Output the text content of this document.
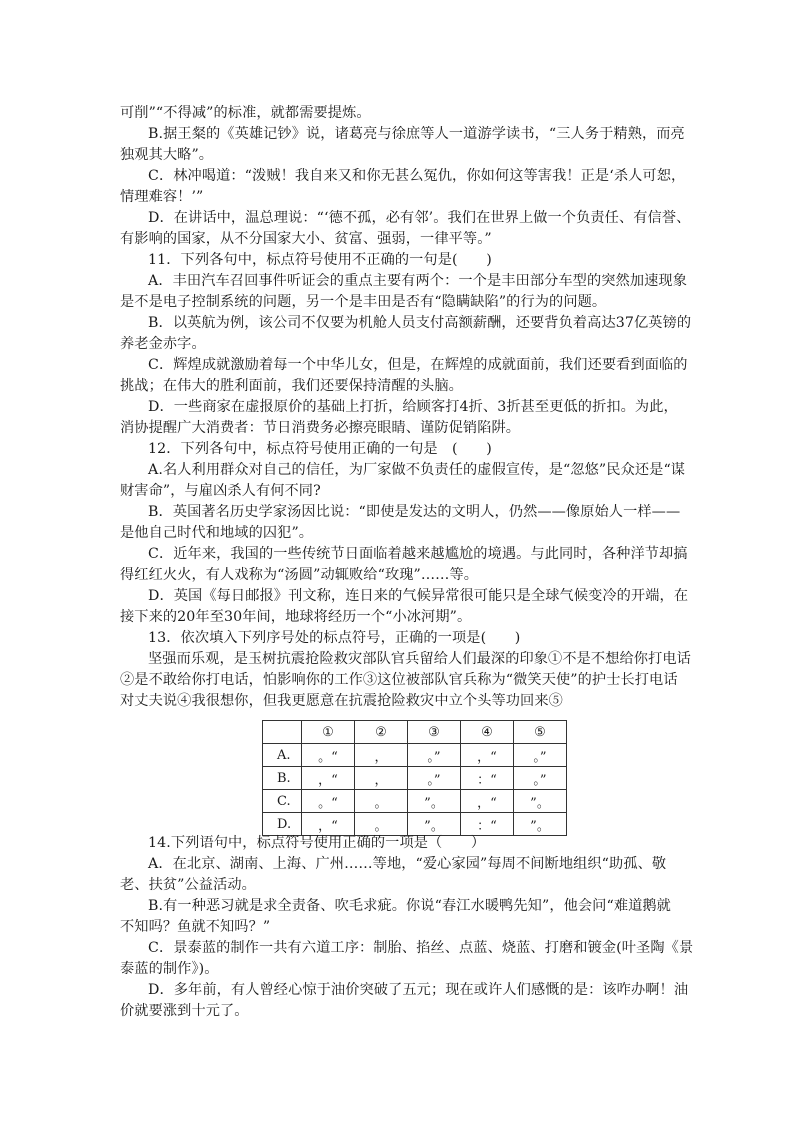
可削”“不得减”的标准，就都需要提炼。
B.据王粲的《英雄记钞》说，诸葛亮与徐庶等人一道游学读书，“三人务于精熟，而亮
独观其大略”。
C．林冲喝道：“泼贼！我自来又和你无甚么冤仇，你如何这等害我！正是‘杀人可恕，
情理难容！’”
D．在讲话中，温总理说：“‘德不孤，必有邻’。我们在世界上做一个负责任、有信誉、
有影响的国家，从不分国家大小、贫富、强弱，一律平等。”
11．下列各句中，标点符号使用不正确的一句是(　　)
A．丰田汽车召回事件听证会的重点主要有两个：一个是丰田部分车型的突然加速现象
是不是电子控制系统的问题，另一个是丰田是否有“隐瞒缺陷”的行为的问题。
B．以英航为例，该公司不仅要为机舱人员支付高额薪酬，还要背负着高达37亿英镑的
养老金赤字。
C．辉煌成就激励着每一个中华儿女，但是，在辉煌的成就面前，我们还要看到面临的
挑战；在伟大的胜利面前，我们还要保持清醒的头脑。
D．一些商家在虚报原价的基础上打折，给顾客打4折、3折甚至更低的折扣。为此，
消协提醒广大消费者：节日消费务必擦亮眼睛、谨防促销陷阱。
12．下列各句中，标点符号使用正确的一句是　(　　)
A.名人利用群众对自己的信任，为厂家做不负责任的虚假宣传，是“忽悠”民众还是“谋
财害命”，与雇凶杀人有何不同?
B．英国著名历史学家汤因比说：“即使是发达的文明人，仍然——像原始人一样——
是他自己时代和地域的囚犯”。
C．近年来，我国的一些传统节日面临着越来越尴尬的境遇。与此同时，各种洋节却搞
得红红火火，有人戏称为“汤圆”动辄败给“玫瑰”……等。
D．英国《每日邮报》刊文称，连日来的气候异常很可能只是全球气候变冷的开端，在
接下来的20年至30年间，地球将经历一个“小冰河期”。
13．依次填入下列序号处的标点符号，正确的一项是(　　)
坚强而乐观，是玉树抗震抢险救灾部队官兵留给人们最深的印象①不是不想给你打电话
②是不敢给你打电话，怕影响你的工作③这位被部队官兵称为“微笑天使”的护士长打电话
对丈夫说④我很想你，但我更愿意在抗震抢险救灾中立个头等功回来⑤
	①	②	③	④	⑤
A.	。“	，	。”	，“	。”
B.	，“	，	。”	：“	。”
C.	。“	。	”。	，“	”。
D.	，“	。	”。	：“	”。
14.下列语句中，标点符号使用正确的一项是（　　）
A．在北京、湖南、上海、广州……等地，“爱心家园”每周不间断地组织“助孤、敬
老、扶贫”公益活动。
B.有一种恶习就是求全责备、吹毛求疵。你说“春江水暖鸭先知”，他会问“难道鹅就
不知吗？鱼就不知吗？”
C．景泰蓝的制作一共有六道工序：制胎、掐丝、点蓝、烧蓝、打磨和镀金(叶圣陶《景
泰蓝的制作》)。
D．多年前，有人曾经心惊于油价突破了五元；现在或许人们感慨的是：该咋办啊！油
价就要涨到十元了。
